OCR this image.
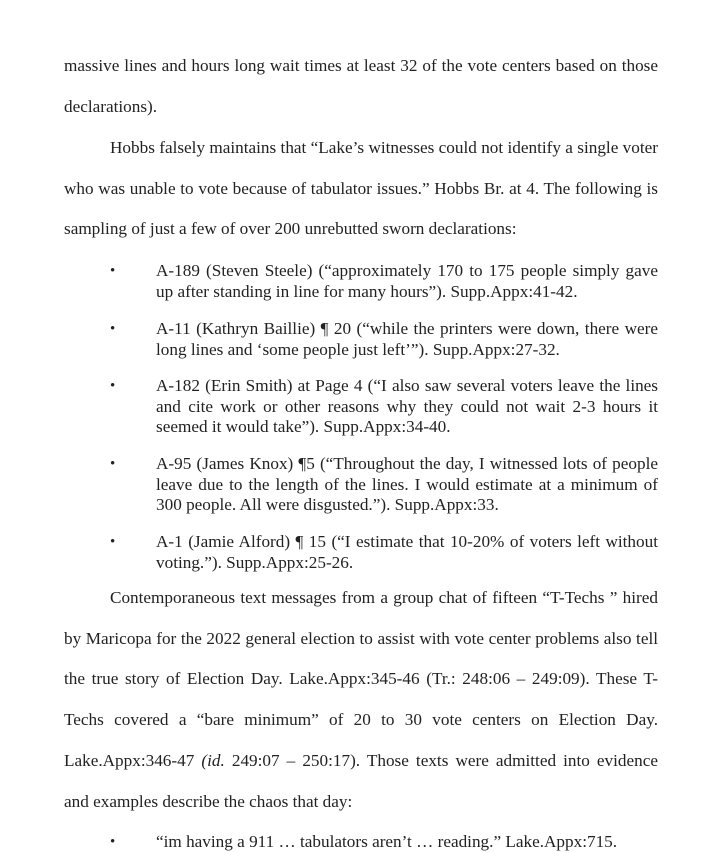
massive lines and hours long wait times at least 32 of the vote centers based on those declarations).

Hobbs falsely maintains that “Lake’s witnesses could not identify a single voter who was unable to vote because of tabulator issues.” Hobbs Br. at 4. The following is sampling of just a few of over 200 unrebutted sworn declarations:

• A-189 (Steven Steele) (“approximately 170 to 175 people simply gave up after standing in line for many hours”). Supp.Appx:41-42.
• A-11 (Kathryn Baillie) ¶ 20 (“while the printers were down, there were long lines and ‘some people just left’”). Supp.Appx:27-32.
• A-182 (Erin Smith) at Page 4 (“I also saw several voters leave the lines and cite work or other reasons why they could not wait 2-3 hours it seemed it would take”). Supp.Appx:34-40.
• A-95 (James Knox) ¶5 (“Throughout the day, I witnessed lots of people leave due to the length of the lines. I would estimate at a minimum of 300 people. All were disgusted.”). Supp.Appx:33.
• A-1 (Jamie Alford) ¶ 15 (“I estimate that 10-20% of voters left without voting.”). Supp.Appx:25-26.

Contemporaneous text messages from a group chat of fifteen “T-Techs ” hired by Maricopa for the 2022 general election to assist with vote center problems also tell the true story of Election Day. Lake.Appx:345-46 (Tr.: 248:06 – 249:09). These T-Techs covered a “bare minimum” of 20 to 30 vote centers on Election Day. Lake.Appx:346-47 (id. 249:07 – 250:17). Those texts were admitted into evidence and examples describe the chaos that day:

• “im having a 911 … tabulators aren’t … reading.” Lake.Appx:715.
